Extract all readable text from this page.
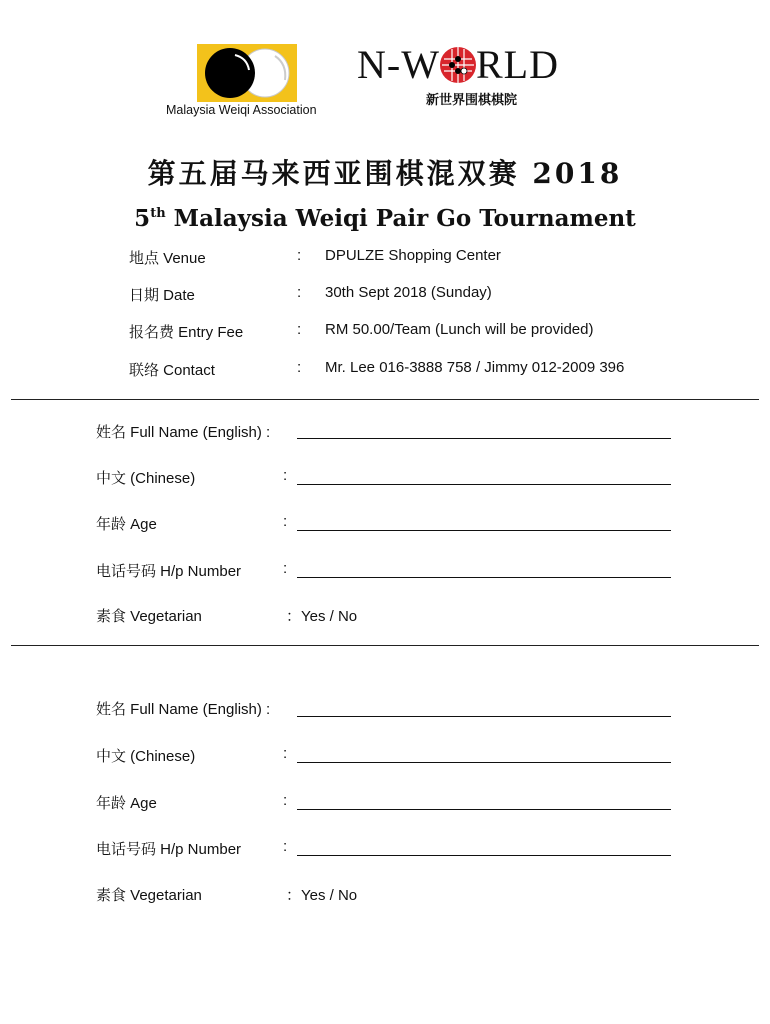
Malaysia Weiqi Association
N-W RLD
新世界围棋棋院
第五届马来西亚围棋混双赛 2018
5th Malaysia Weiqi Pair Go Tournament
地点 Venue	: DPULZE Shopping Center
日期 Date	: 30th Sept 2018 (Sunday)
报名费 Entry Fee	: RM 50.00/Team (Lunch will be provided)
联络 Contact	: Mr. Lee 016-3888 758 / Jimmy 012-2009 396
姓名 Full Name (English) :
中文 (Chinese)	:
年龄 Age	:
电话号码 H/p Number	:
素食 Vegetarian	：Yes / No
姓名 Full Name (English) :
中文 (Chinese)	:
年龄 Age	:
电话号码 H/p Number	:
素食 Vegetarian	：Yes / No
